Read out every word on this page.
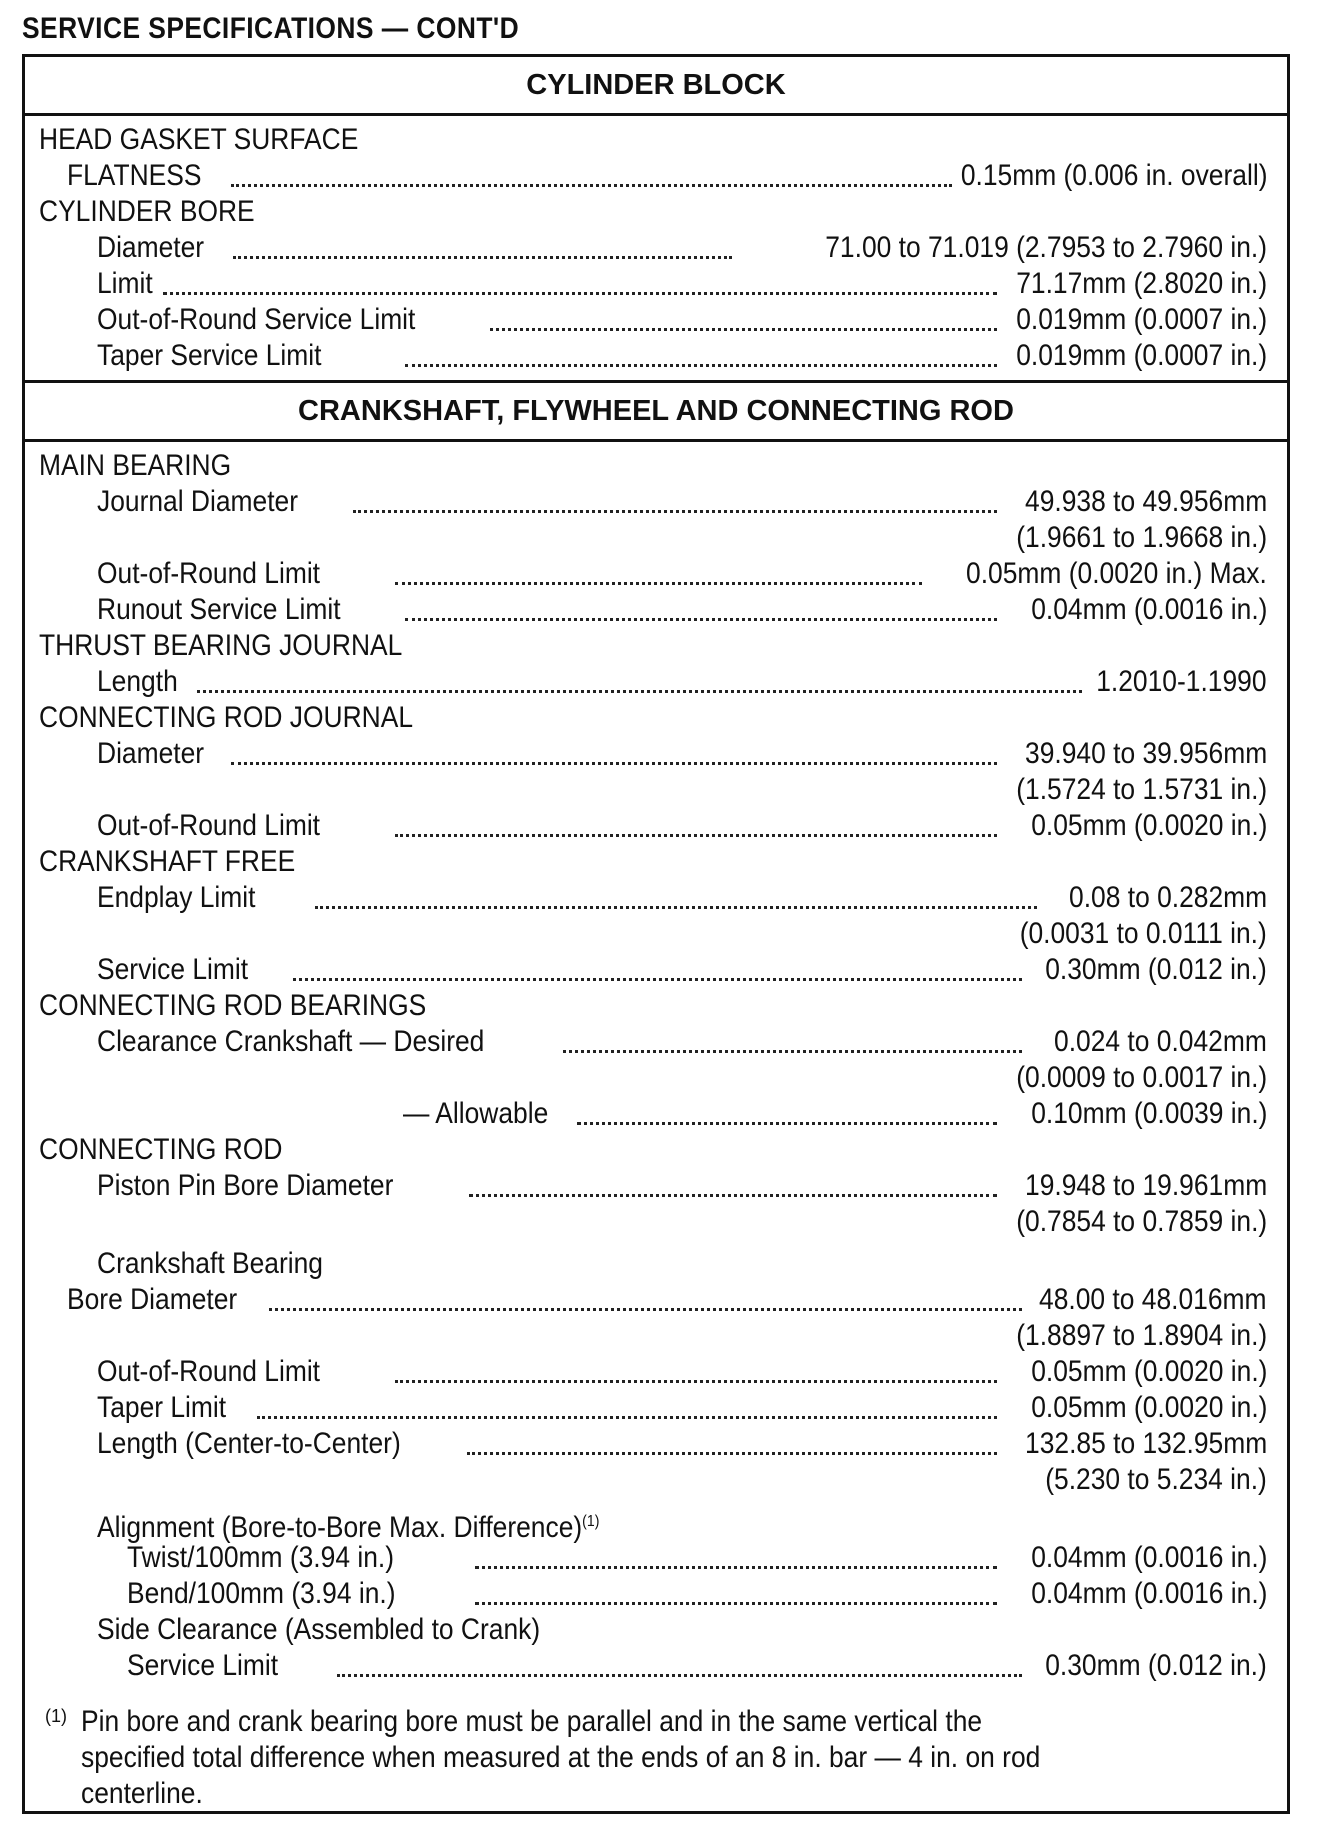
SERVICE SPECIFICATIONS — CONT'D
CYLINDER BLOCK
HEAD GASKET SURFACE
FLATNESS	0.15mm (0.006 in. overall)
CYLINDER BORE
Diameter	71.00 to 71.019 (2.7953 to 2.7960 in.)
Limit	71.17mm (2.8020 in.)
Out-of-Round Service Limit	0.019mm (0.0007 in.)
Taper Service Limit	0.019mm (0.0007 in.)
CRANKSHAFT, FLYWHEEL AND CONNECTING ROD
MAIN BEARING
Journal Diameter	49.938 to 49.956mm
(1.9661 to 1.9668 in.)
Out-of-Round Limit	0.05mm (0.0020 in.) Max.
Runout Service Limit	0.04mm (0.0016 in.)
THRUST BEARING JOURNAL
Length	1.2010-1.1990
CONNECTING ROD JOURNAL
Diameter	39.940 to 39.956mm
(1.5724 to 1.5731 in.)
Out-of-Round Limit	0.05mm (0.0020 in.)
CRANKSHAFT FREE
Endplay Limit	0.08 to 0.282mm
(0.0031 to 0.0111 in.)
Service Limit	0.30mm (0.012 in.)
CONNECTING ROD BEARINGS
Clearance Crankshaft — Desired	0.024 to 0.042mm
(0.0009 to 0.0017 in.)
— Allowable	0.10mm (0.0039 in.)
CONNECTING ROD
Piston Pin Bore Diameter	19.948 to 19.961mm
(0.7854 to 0.7859 in.)
Crankshaft Bearing
Bore Diameter	48.00 to 48.016mm
(1.8897 to 1.8904 in.)
Out-of-Round Limit	0.05mm (0.0020 in.)
Taper Limit	0.05mm (0.0020 in.)
Length (Center-to-Center)	132.85 to 132.95mm
(5.230 to 5.234 in.)
Alignment (Bore-to-Bore Max. Difference)$^{(1)}$
Twist/100mm (3.94 in.)	0.04mm (0.0016 in.)
Bend/100mm (3.94 in.)	0.04mm (0.0016 in.)
Side Clearance (Assembled to Crank)
Service Limit	0.30mm (0.012 in.)
(1) Pin bore and crank bearing bore must be parallel and in the same vertical the
specified total difference when measured at the ends of an 8 in. bar — 4 in. on rod
centerline.
